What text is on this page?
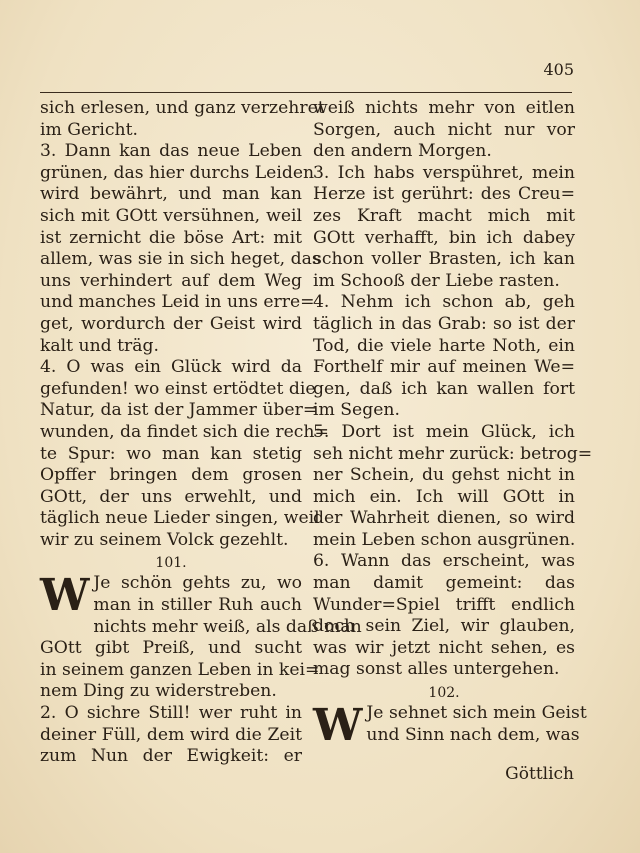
405
sich erlesen, und ganz verzehret
im Gericht.
3. Dann kan das neue Leben
grünen, das hier durchs Leiden
wird bewährt, und man kan
sich mit GOtt versühnen, weil
ist zernicht die böse Art: mit
allem, was sie in sich heget, das
uns verhindert auf dem Weg
und manches Leid in uns erre=
get, wordurch der Geist wird
kalt und träg.
4. O was ein Glück wird da
gefunden! wo einst ertödtet die
Natur, da ist der Jammer über=
wunden, da findet sich die rech=
te Spur: wo man kan stetig
Opffer bringen dem grosen
GOtt, der uns erwehlt, und
täglich neue Lieder singen, weil
wir zu seinem Volck gezehlt.
101.
W Je schön gehts zu, wo
man in stiller Ruh auch
nichts mehr weiß, als daß man
GOtt gibt Preiß, und sucht
in seinem ganzen Leben in kei=
nem Ding zu widerstreben.
2. O sichre Still! wer ruht in
deiner Füll, dem wird die Zeit
zum Nun der Ewigkeit: er
weiß nichts mehr von eitlen
Sorgen, auch nicht nur vor
den andern Morgen.
3. Ich habs verspühret, mein
Herze ist gerührt: des Creu=
zes Kraft macht mich mit
GOtt verhafft, bin ich dabey
schon voller Brasten, ich kan
im Schooß der Liebe rasten.
4. Nehm ich schon ab, geh
täglich in das Grab: so ist der
Tod, die viele harte Noth, ein
Forthelf mir auf meinen We=
gen, daß ich kan wallen fort
im Segen.
5. Dort ist mein Glück, ich
seh nicht mehr zurück: betrog=
ner Schein, du gehst nicht in
mich ein. Ich will GOtt in
der Wahrheit dienen, so wird
mein Leben schon ausgrünen.
6. Wann das erscheint, was
man damit gemeint: das
Wunder=Spiel trifft endlich
doch sein Ziel, wir glauben,
was wir jetzt nicht sehen, es
mag sonst alles untergehen.
102.
W Je sehnet sich mein Geist
und Sinn nach dem, was
Göttlich
